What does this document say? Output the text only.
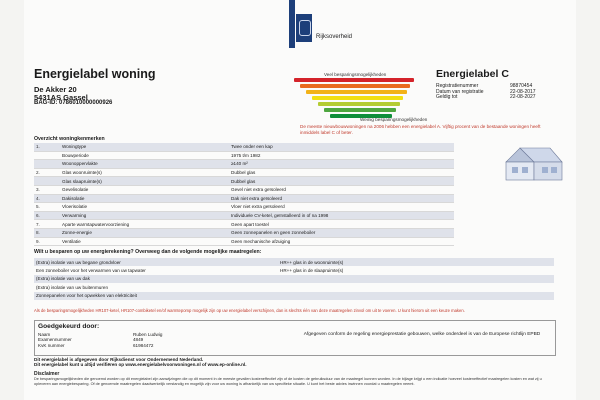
Rijksoverheid
Energielabel woning
De Akker 20
5431AS Gassel
BAG-ID: 0786010000000926
Veel besparingsmogelijkheden
Weinig besparingsmogelijkheden
Energielabel C
Registratienummer	98870454
Datum van registratie	22-08-2017
Geldig tot	22-08-2027
De meeste nieuwbouwwoningen na 2006 hebben een energielabel A. Vijftig procent van de bestaande woningen heeft inmiddels label C of beter.
Overzicht woningkenmerken
1.	Woningtype	Twee onder een kap
	Bouwperiode	1975 t/m 1982
	Woonoppervlakte	≥140 m²
2.	Glas woonruimte(s)	Dubbel glas
	Glas slaapruimte(s)	Dubbel glas
3.	Gevelisolatie	Gevel niet extra geïsoleerd
4.	Dakisolatie	Dak niet extra geïsoleerd
5.	Vloerisolatie	Vloer niet extra geïsoleerd
6.	Verwarming	Individuele CV-ketel, geïnstalleerd in of na 1998
7.	Aparte warmtapwatervoorziening	Geen apart toestel
8.	Zonne-energie	Geen zonnepanelen en geen zonneboiler
9.	Ventilatie	Geen mechanische afzuiging
Wilt u besparen op uw energierekening? Overweeg dan de volgende mogelijke maatregelen:
(Extra) isolatie van uw begane grondvloer	HR++ glas in de woonruimte(s)
Een zonneboiler voor het verwarmen van uw tapwater	HR++ glas in de slaapruimte(s)
(Extra) isolatie van uw dak
(Extra) isolatie van uw buitenmuren
Zonnepanelen voor het opwekken van elektriciteit
Als de besparingsmogelijkheden HR107-ketel, HR107-combiketel en/of warmtepomp mogelijk zijn op uw energielabel verschijnen, dan is slechts één van deze maatregelen zinvol om uit te voeren. U kunt hierom uit een keuze maken.
Goedgekeurd door:
Naam	Ruben Ludwig
Examennummer	4849
KvK nummer	61984472
Afgegeven conform de regeling energieprestatie gebouwen, welke onderdeel is van de Europese richtlijn EPBD
Dit energielabel is afgegeven door Rijksdienst voor Ondernemend Nederland.
Dit energielabel kunt u altijd verifiëren op www.energielabelvoorwoningen.nl of www.ep-online.nl.
Disclaimer
De besparingsmogelijkheden die genoemd worden op dit energielabel zijn aanwijzingen die op dit moment in de meeste gevallen kosteneffectief zijn of de kosten de gebruiksduur van de maatregel kunnen worden. In de bijlage krijgt u een indicatie hoeveel kosteneffectief maatregelen kosten en wat zij u opleveren aan energiebesparing. Of de genoemde maatregelen daadwerkelijk verstandig en mogelijk zijn voor uw woning is afhankelijk van uw specifieke situatie. U kunt het beste advies inwinnen voordat u maatregelen neemt.
